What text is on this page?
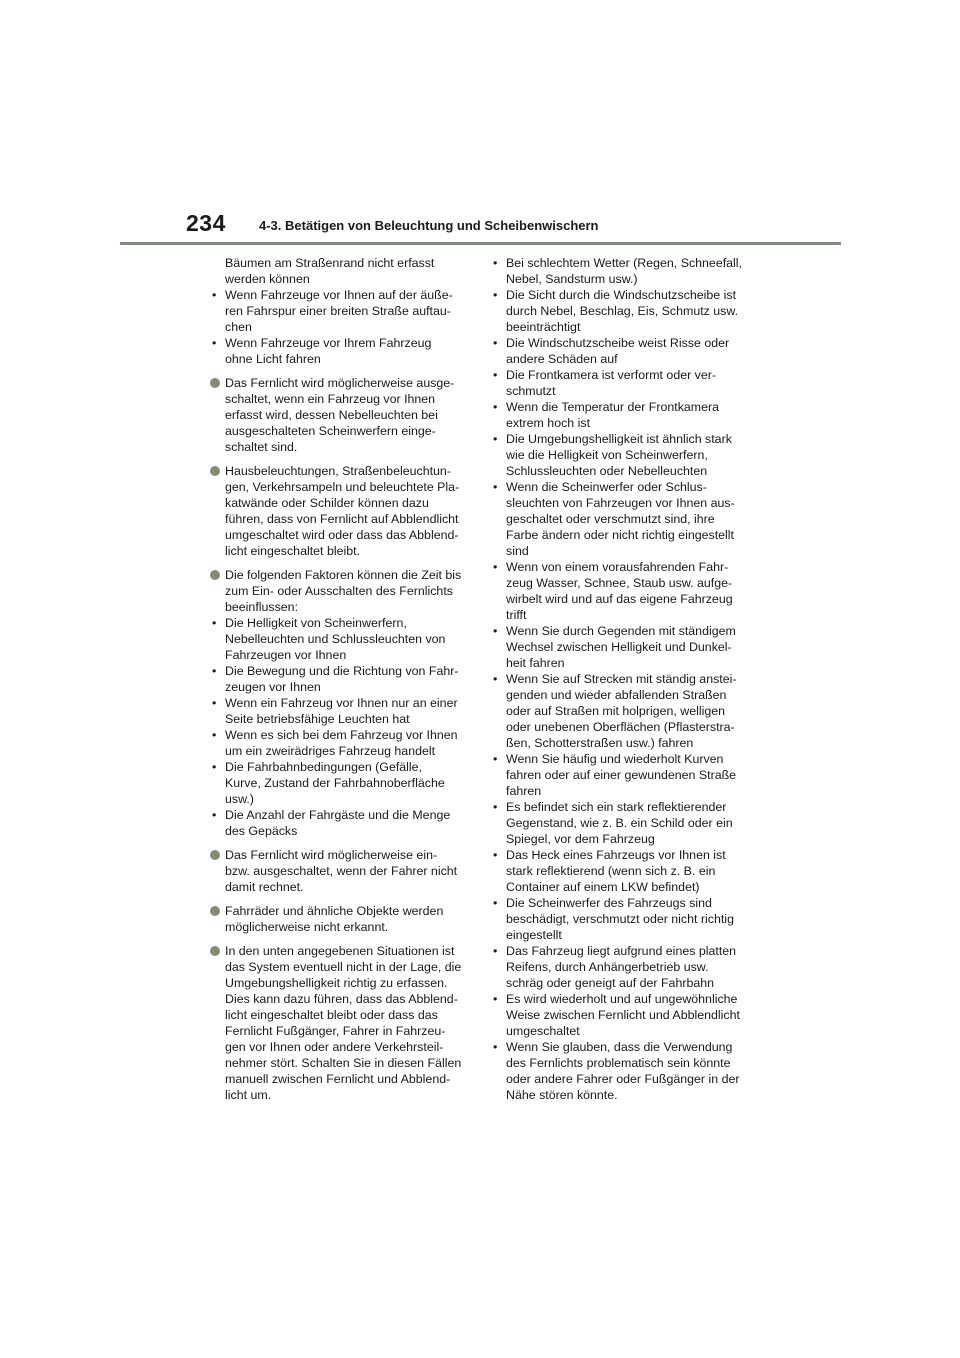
234	4-3. Betätigen von Beleuchtung und Scheibenwischern
Bäumen am Straßenrand nicht erfasst
werden können
• Wenn Fahrzeuge vor Ihnen auf der äuße-
ren Fahrspur einer breiten Straße auftau-
chen
• Wenn Fahrzeuge vor Ihrem Fahrzeug
ohne Licht fahren
Das Fernlicht wird möglicherweise ausge-
schaltet, wenn ein Fahrzeug vor Ihnen
erfasst wird, dessen Nebelleuchten bei
ausgeschalteten Scheinwerfern einge-
schaltet sind.
Hausbeleuchtungen, Straßenbeleuchtun-
gen, Verkehrsampeln und beleuchtete Pla-
katwände oder Schilder können dazu
führen, dass von Fernlicht auf Abblendlicht
umgeschaltet wird oder dass das Abblend-
licht eingeschaltet bleibt.
Die folgenden Faktoren können die Zeit bis
zum Ein- oder Ausschalten des Fernlichts
beeinflussen:
• Die Helligkeit von Scheinwerfern,
Nebelleuchten und Schlussleuchten von
Fahrzeugen vor Ihnen
• Die Bewegung und die Richtung von Fahr-
zeugen vor Ihnen
• Wenn ein Fahrzeug vor Ihnen nur an einer
Seite betriebsfähige Leuchten hat
• Wenn es sich bei dem Fahrzeug vor Ihnen
um ein zweirädriges Fahrzeug handelt
• Die Fahrbahnbedingungen (Gefälle,
Kurve, Zustand der Fahrbahnoberfläche
usw.)
• Die Anzahl der Fahrgäste und die Menge
des Gepäcks
Das Fernlicht wird möglicherweise ein-
bzw. ausgeschaltet, wenn der Fahrer nicht
damit rechnet.
Fahrräder und ähnliche Objekte werden
möglicherweise nicht erkannt.
In den unten angegebenen Situationen ist
das System eventuell nicht in der Lage, die
Umgebungshelligkeit richtig zu erfassen.
Dies kann dazu führen, dass das Abblend-
licht eingeschaltet bleibt oder dass das
Fernlicht Fußgänger, Fahrer in Fahrzeu-
gen vor Ihnen oder andere Verkehrsteil-
nehmer stört. Schalten Sie in diesen Fällen
manuell zwischen Fernlicht und Abblend-
licht um.
• Bei schlechtem Wetter (Regen, Schneefall,
Nebel, Sandsturm usw.)
• Die Sicht durch die Windschutzscheibe ist
durch Nebel, Beschlag, Eis, Schmutz usw.
beeinträchtigt
• Die Windschutzscheibe weist Risse oder
andere Schäden auf
• Die Frontkamera ist verformt oder ver-
schmutzt
• Wenn die Temperatur der Frontkamera
extrem hoch ist
• Die Umgebungshelligkeit ist ähnlich stark
wie die Helligkeit von Scheinwerfern,
Schlussleuchten oder Nebelleuchten
• Wenn die Scheinwerfer oder Schlus-
sleuchten von Fahrzeugen vor Ihnen aus-
geschaltet oder verschmutzt sind, ihre
Farbe ändern oder nicht richtig eingestellt
sind
• Wenn von einem vorausfahrenden Fahr-
zeug Wasser, Schnee, Staub usw. aufge-
wirbelt wird und auf das eigene Fahrzeug
trifft
• Wenn Sie durch Gegenden mit ständigem
Wechsel zwischen Helligkeit und Dunkel-
heit fahren
• Wenn Sie auf Strecken mit ständig anstei-
genden und wieder abfallenden Straßen
oder auf Straßen mit holprigen, welligen
oder unebenen Oberflächen (Pflasterstra-
ßen, Schotterstraßen usw.) fahren
• Wenn Sie häufig und wiederholt Kurven
fahren oder auf einer gewundenen Straße
fahren
• Es befindet sich ein stark reflektierender
Gegenstand, wie z. B. ein Schild oder ein
Spiegel, vor dem Fahrzeug
• Das Heck eines Fahrzeugs vor Ihnen ist
stark reflektierend (wenn sich z. B. ein
Container auf einem LKW befindet)
• Die Scheinwerfer des Fahrzeugs sind
beschädigt, verschmutzt oder nicht richtig
eingestellt
• Das Fahrzeug liegt aufgrund eines platten
Reifens, durch Anhängerbetrieb usw.
schräg oder geneigt auf der Fahrbahn
• Es wird wiederholt und auf ungewöhnliche
Weise zwischen Fernlicht und Abblendlicht
umgeschaltet
• Wenn Sie glauben, dass die Verwendung
des Fernlichts problematisch sein könnte
oder andere Fahrer oder Fußgänger in der
Nähe stören könnte.
